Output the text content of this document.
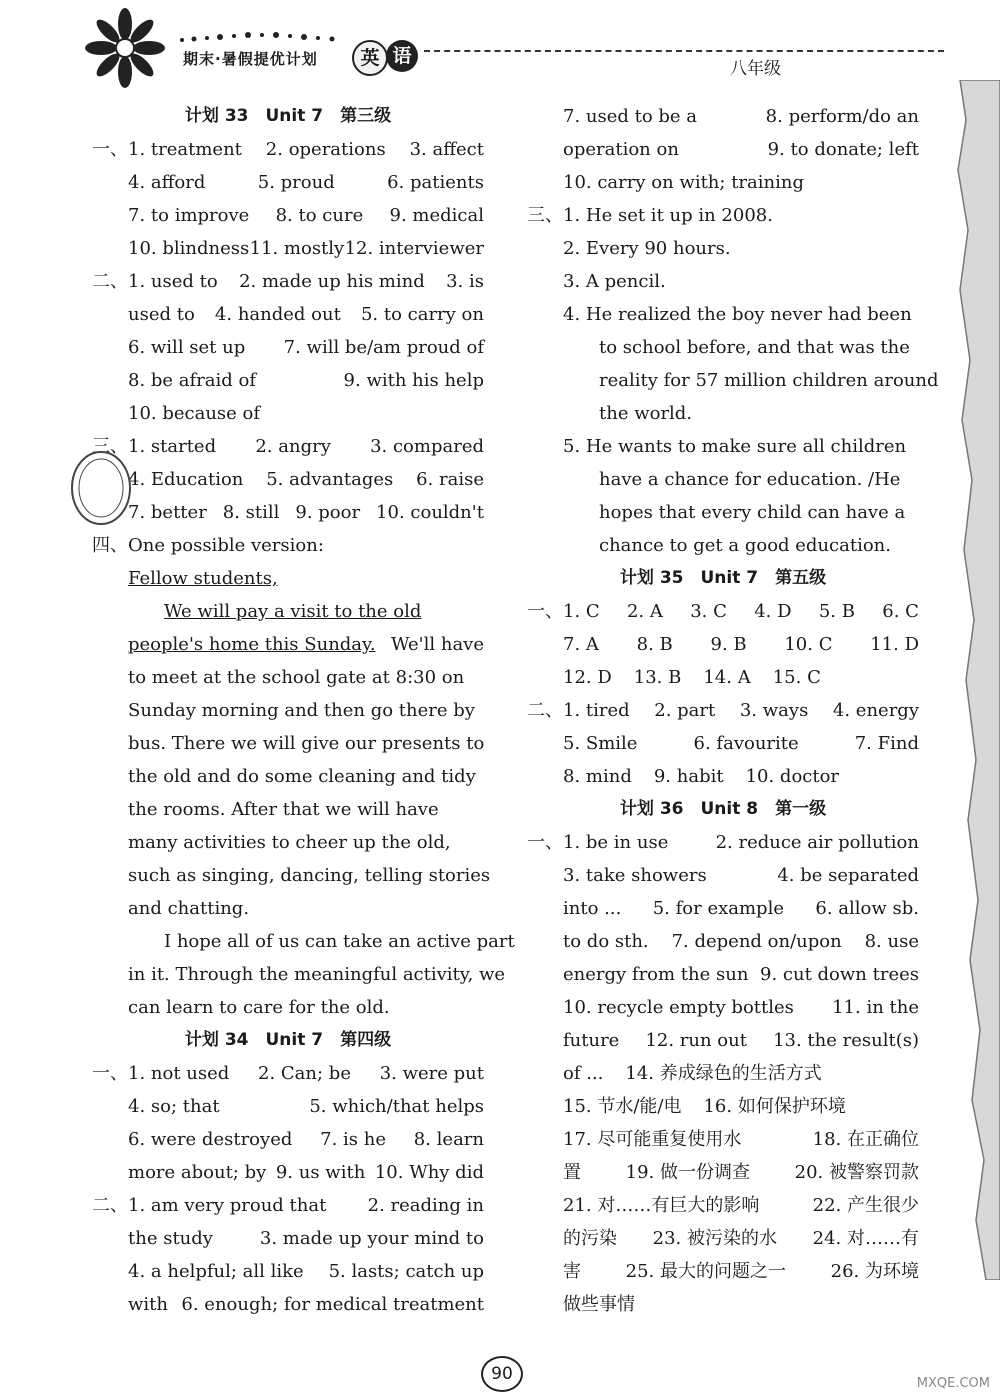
期末·暑假提优计划	英 语
八年级
计划 33　Unit 7　第三级
一、 1. treatment 2. operations 3. affect
4. afford	5. proud	6. patients
7. to improve 8. to cure 9. medical
10. blindness 11. mostly 12. interviewer
二、 1. used to 2. made up his mind 3. is
used to 4. handed out 5. to carry on
6. will set up 7. will be/am proud of
8. be afraid of	9. with his help
10. because of
三、 1. started 2. angry 3. compared
4. Education 5. advantages 6. raise
7. better 8. still 9. poor 10. couldn't
四、 One possible version:
Fellow students,
We will pay a visit to the old
people's home this Sunday. We'll have
to meet at the school gate at 8:30 on
Sunday morning and then go there by
bus. There we will give our presents to
the old and do some cleaning and tidy
the rooms. After that we will have
many activities to cheer up the old,
such as singing, dancing, telling stories
and chatting.
I hope all of us can take an active part
in it. Through the meaningful activity, we
can learn to care for the old.
计划 34　Unit 7　第四级
一、 1. not used 2. Can; be 3. were put
4. so; that	5. which/that helps
6. were destroyed 7. is he 8. learn
more about; by 9. us with 10. Why did
二、 1. am very proud that 2. reading in
the study	3. made up your mind to
4. a helpful; all like 5. lasts; catch up
with 6. enough; for medical treatment
7. used to be a	8. perform/do an
operation on	9. to donate; left
10. carry on with; training
三、 1. He set it up in 2008.
2. Every 90 hours.
3. A pencil.
4. He realized the boy never had been
to school before, and that was the
reality for 57 million children around
the world.
5. He wants to make sure all children
have a chance for education. /He
hopes that every child can have a
chance to get a good education.
计划 35　Unit 7　第五级
一、 1. C 2. A 3. C 4. D 5. B 6. C
7. A 8. B 9. B 10. C 11. D
12. D 13. B 14. A 15. C
二、 1. tired 2. part 3. ways 4. energy
5. Smile	6. favourite	7. Find
8. mind 9. habit 10. doctor
计划 36　Unit 8　第一级
一、 1. be in use	2. reduce air pollution
3. take showers	4. be separated
into ... 5. for example 6. allow sb.
to do sth. 7. depend on/upon 8. use
energy from the sun 9. cut down trees
10. recycle empty bottles 11. in the
future 12. run out 13. the result(s)
of ... 14. 养成绿色的生活方式
15. 节水/能/电 16. 如何保护环境
17. 尽可能重复使用水	18. 在正确位
置 19. 做一份调查 20. 被警察罚款
21. 对……有巨大的影响	22. 产生很少
的污染 23. 被污染的水 24. 对……有
害 25. 最大的问题之一 26. 为环境
做些事情
90	MXQE.COM
